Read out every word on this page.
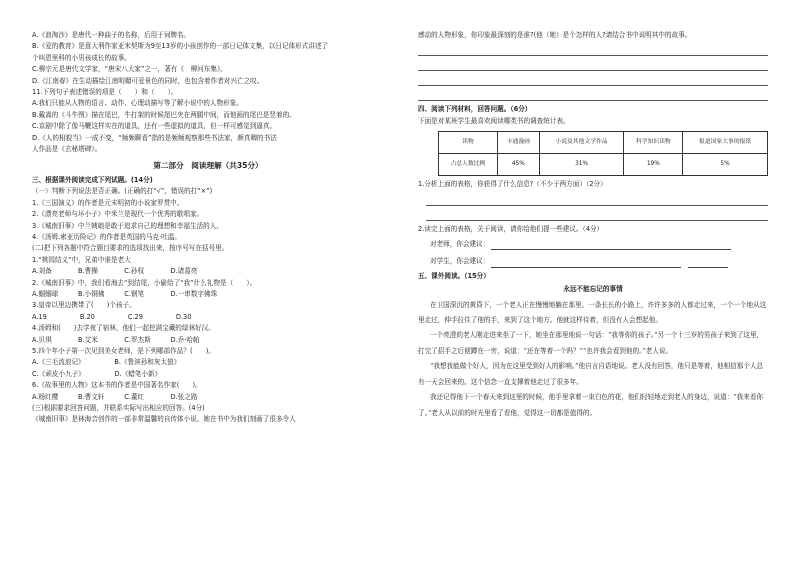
A.《浪淘沙》是唐代一种曲子的名称，后用于词牌名。

B.《爱的教育》是意大利作家亚米契斯为9至13岁的小孩创作的一部日记体文集，以日记体形式讲述了

个叫恩里科的小男孩成长的故事。

C.柳宗元是唐代文学家，“唐宋八大家”之一，著有《　柳河东集》。

D.《江南春》在生动描绘江南明媚可爱景色的同时，也包含着作者对兴亡之叹。

11.下列句子表述错误的项是（　　）和（　　）。

A.我们只能从人物的语言、动作、心理动描写等了解小说中的人物形象。

B.戴嵩的《斗牛图》描在尾巴，牛打架的时候尾巴夹在两腿中间，而他画的尾巴是竖着的。

C.京剧中除了像马鞭这样实在的道具，还有一些虚拟的道具，但一样可感觉到逼真。

D.《人的相貌当》一成不变，“频频聊看”指的是频频观察那些书法家，颜真卿的书法

人作品是《玄秘塔碑》。

第二部分　阅读理解（共35分）

三、根据课外阅读完成下列试题。(14分)

（一）判断下列说法是否正确。(正确的打“√”，错误的打“×”)

1.《三国演义》的作者是元末明初的小说家罗贯中。

2.《漂亮老师与坏小子》中米兰是现代一个优秀的歌唱家。

3.《城南旧事》中兰姨娘是敢于追求自己的理想和幸福生活的人。

4.《汤姆.索亚历险记》的作者是英国的马克·吐温。

(二)把下列各题中符合题目要求的选项找出来，按序号写在括号里。

1.“桃园结义”中，兄弟中谁是老大

A.刘备　　　　B.曹操　　　　C.孙权　　　　D.诸葛亮

2.《城南旧事》中，我们看海去“到结尾，小偷给了“我”什么礼物是（　　）。

A.蝈蝈球　　　B.小铜佛　　　C.钢笔　　　　D.一串数字佛珠

3.皇帝以里边携带了(　　)个孩子。

A.19　　　　　B.20　　　　　C.29　　　　　D.30

4.汤姆和(　　)去学夜了宿林，他们一起挖满宝藏的绿林好汉。

A.贝琪　　　　B.艾米　　　　C.罗杰斯　　　D.乔·哈帕

5.四个年小子第一次见到美女老师，是下列哪部作品？(　　)。

A.《三毛流浪记》　　　　　B.《鲁滨孙和灰太狼》

C.《顽皮小九子》　　　　　D.《蜡笔小新》

6.《故事里的人物》这本书的作者是中国著名作家(　　)。

A.杨红樱　　　B.曹文轩　　　C.董红　　　　D.张之路

(三)根据要求回答问题，并联系实际写出相应的回答。(4分)

《城南旧事》是林海音创作的一部非常温馨的自传体小说，她在书中为我们刻画了很多令人

感动的人物形象，你印象最深刻的是谁?(他（她）是个怎样的人?请结合书中说明其中的故事。

四、阅读下列材料，回答问题。（6分）

下面是对某班学生最喜欢阅读哪类书的调查统计表。

读物	卡通漫画	小说及其他文学作品	科学知识读物	报道国家大事的报纸
占总人数比例	45%	31%	19%	5%

1.分析上面的表格，你获得了什么信息?（不少于两方面）（2分）

2.读完上面的表格，关于阅读，请你给他们提一些建议。（4分）

对老师，你会建议：

对学生，你会建议：

五、课外阅读。（15分）

永远不能忘记的事情

在卫国深沉的黄昏下，一个老人正在慢慢地躺在那里。一条长长的小路上，许许多多的人都走过来，一个一个地从这里走过，伸手拉住了他的手，来到了这个地方。他就这样待着，但没有人会想起他。

一个亮澄的老人刚走进来坐了一下，她坐在那里地说一句话：“我等你的孩子。”另一个十三岁的男孩子来到了这里，打完了招手之后便蹲在一旁，说道：“还在等着一个吗？”“也许我会看到他的。”老人说。

“我想我能做个好人，因为在这里受到好人的影响。”他自言自语地说。老人没有回答，他只是等着，他相信那个人总有一天会回来的。这个信念一直支撑着他走过了很多年。

我还记得他下一个春天来到这里的时候，他手里拿着一束白色的花，他们轻轻地走到老人的身边，说道：“我来看你了。”老人从以前的时光里看了看他，觉得这一切都是值得的。
